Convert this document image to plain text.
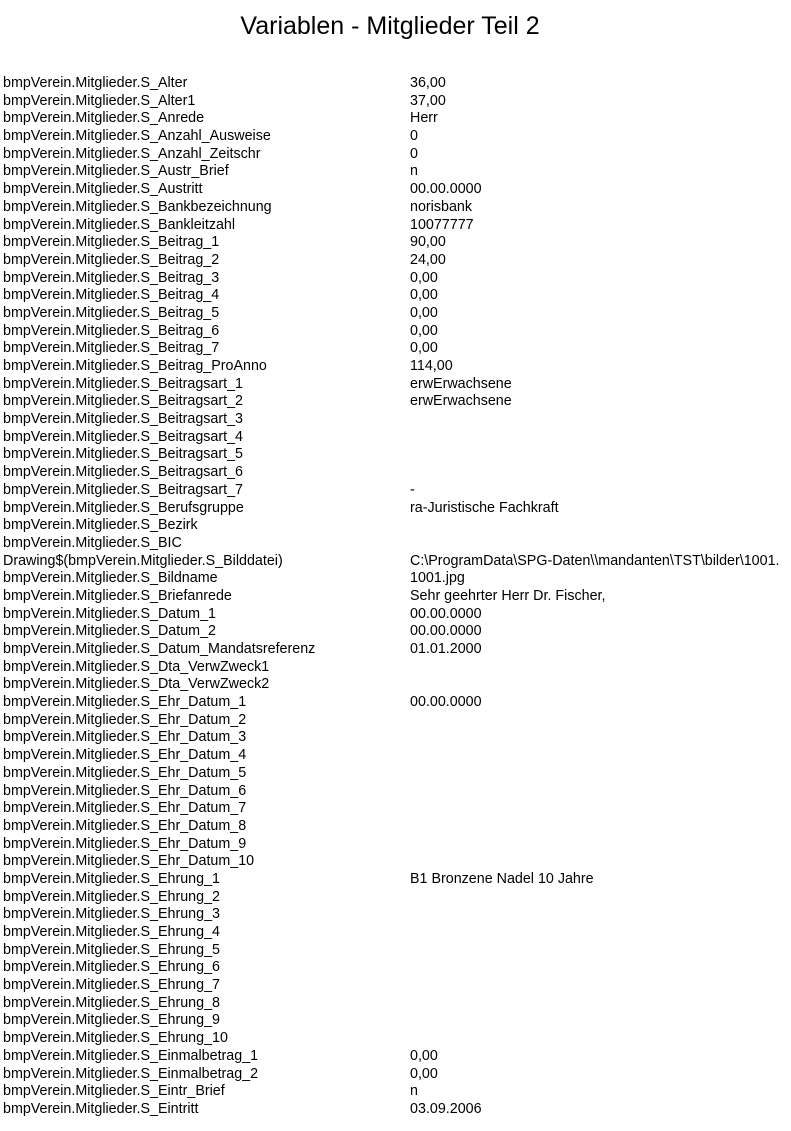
Variablen - Mitglieder Teil 2
bmpVerein.Mitglieder.S_Alter	36,00
bmpVerein.Mitglieder.S_Alter1	37,00
bmpVerein.Mitglieder.S_Anrede	Herr
bmpVerein.Mitglieder.S_Anzahl_Ausweise	0
bmpVerein.Mitglieder.S_Anzahl_Zeitschr	0
bmpVerein.Mitglieder.S_Austr_Brief	n
bmpVerein.Mitglieder.S_Austritt	00.00.0000
bmpVerein.Mitglieder.S_Bankbezeichnung	norisbank
bmpVerein.Mitglieder.S_Bankleitzahl	10077777
bmpVerein.Mitglieder.S_Beitrag_1	90,00
bmpVerein.Mitglieder.S_Beitrag_2	24,00
bmpVerein.Mitglieder.S_Beitrag_3	0,00
bmpVerein.Mitglieder.S_Beitrag_4	0,00
bmpVerein.Mitglieder.S_Beitrag_5	0,00
bmpVerein.Mitglieder.S_Beitrag_6	0,00
bmpVerein.Mitglieder.S_Beitrag_7	0,00
bmpVerein.Mitglieder.S_Beitrag_ProAnno	114,00
bmpVerein.Mitglieder.S_Beitragsart_1	erwErwachsene
bmpVerein.Mitglieder.S_Beitragsart_2	erwErwachsene
bmpVerein.Mitglieder.S_Beitragsart_3
bmpVerein.Mitglieder.S_Beitragsart_4
bmpVerein.Mitglieder.S_Beitragsart_5
bmpVerein.Mitglieder.S_Beitragsart_6
bmpVerein.Mitglieder.S_Beitragsart_7	-
bmpVerein.Mitglieder.S_Berufsgruppe	ra-Juristische Fachkraft
bmpVerein.Mitglieder.S_Bezirk
bmpVerein.Mitglieder.S_BIC
Drawing$(bmpVerein.Mitglieder.S_Bilddatei)	C:\ProgramData\SPG-Daten\\mandanten\TST\bilder\1001.
bmpVerein.Mitglieder.S_Bildname	1001.jpg
bmpVerein.Mitglieder.S_Briefanrede	Sehr geehrter Herr Dr. Fischer,
bmpVerein.Mitglieder.S_Datum_1	00.00.0000
bmpVerein.Mitglieder.S_Datum_2	00.00.0000
bmpVerein.Mitglieder.S_Datum_Mandatsreferenz	01.01.2000
bmpVerein.Mitglieder.S_Dta_VerwZweck1
bmpVerein.Mitglieder.S_Dta_VerwZweck2
bmpVerein.Mitglieder.S_Ehr_Datum_1	00.00.0000
bmpVerein.Mitglieder.S_Ehr_Datum_2
bmpVerein.Mitglieder.S_Ehr_Datum_3
bmpVerein.Mitglieder.S_Ehr_Datum_4
bmpVerein.Mitglieder.S_Ehr_Datum_5
bmpVerein.Mitglieder.S_Ehr_Datum_6
bmpVerein.Mitglieder.S_Ehr_Datum_7
bmpVerein.Mitglieder.S_Ehr_Datum_8
bmpVerein.Mitglieder.S_Ehr_Datum_9
bmpVerein.Mitglieder.S_Ehr_Datum_10
bmpVerein.Mitglieder.S_Ehrung_1	B1 Bronzene Nadel 10 Jahre
bmpVerein.Mitglieder.S_Ehrung_2
bmpVerein.Mitglieder.S_Ehrung_3
bmpVerein.Mitglieder.S_Ehrung_4
bmpVerein.Mitglieder.S_Ehrung_5
bmpVerein.Mitglieder.S_Ehrung_6
bmpVerein.Mitglieder.S_Ehrung_7
bmpVerein.Mitglieder.S_Ehrung_8
bmpVerein.Mitglieder.S_Ehrung_9
bmpVerein.Mitglieder.S_Ehrung_10
bmpVerein.Mitglieder.S_Einmalbetrag_1	0,00
bmpVerein.Mitglieder.S_Einmalbetrag_2	0,00
bmpVerein.Mitglieder.S_Eintr_Brief	n
bmpVerein.Mitglieder.S_Eintritt	03.09.2006
